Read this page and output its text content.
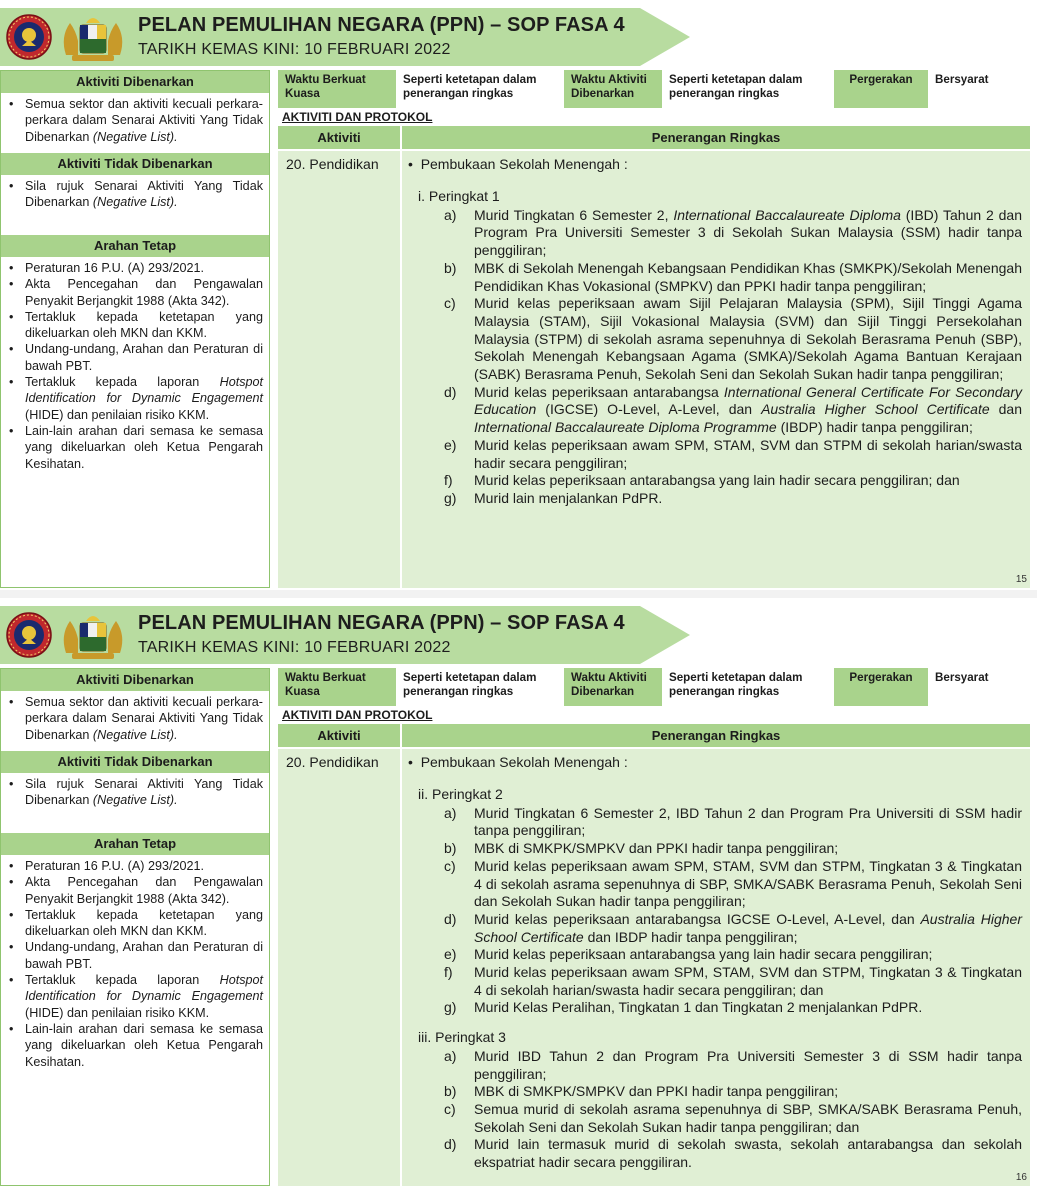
PELAN PEMULIHAN NEGARA (PPN) – SOP FASA 4
TARIKH KEMAS KINI: 10 FEBRUARI 2022
Aktiviti Dibenarkan
• Semua sektor dan aktiviti kecuali perkara-perkara dalam Senarai Aktiviti Yang Tidak Dibenarkan (Negative List).
Aktiviti Tidak Dibenarkan
• Sila rujuk Senarai Aktiviti Yang Tidak Dibenarkan (Negative List).
Arahan Tetap
• Peraturan 16 P.U. (A) 293/2021.
• Akta Pencegahan dan Pengawalan Penyakit Berjangkit 1988 (Akta 342).
• Tertakluk kepada ketetapan yang dikeluarkan oleh MKN dan KKM.
• Undang-undang, Arahan dan Peraturan di bawah PBT.
• Tertakluk kepada laporan Hotspot Identification for Dynamic Engagement (HIDE) dan penilaian risiko KKM.
• Lain-lain arahan dari semasa ke semasa yang dikeluarkan oleh Ketua Pengarah Kesihatan.
Waktu Berkuat Kuasa
Seperti ketetapan dalam penerangan ringkas
Waktu Aktiviti Dibenarkan
Seperti ketetapan dalam penerangan ringkas
Pergerakan	Bersyarat
AKTIVITI DAN PROTOKOL
Aktiviti	Penerangan Ringkas
20. Pendidikan •  Pembukaan Sekolah Menengah :
i. Peringkat 1
a) Murid Tingkatan 6 Semester 2, International Baccalaureate Diploma (IBD) Tahun 2 dan Program Pra Universiti Semester 3 di Sekolah Sukan Malaysia (SSM) hadir tanpa penggiliran;
b) MBK di Sekolah Menengah Kebangsaan Pendidikan Khas (SMKPK)/Sekolah Menengah Pendidikan Khas Vokasional (SMPKV) dan PPKI hadir tanpa penggiliran;
c) Murid kelas peperiksaan awam Sijil Pelajaran Malaysia (SPM), Sijil Tinggi Agama Malaysia (STAM), Sijil Vokasional Malaysia (SVM) dan Sijil Tinggi Persekolahan Malaysia (STPM) di sekolah asrama sepenuhnya di Sekolah Berasrama Penuh (SBP), Sekolah Menengah Kebangsaan Agama (SMKA)/Sekolah Agama Bantuan Kerajaan (SABK) Berasrama Penuh, Sekolah Seni dan Sekolah Sukan hadir tanpa penggiliran;
d) Murid kelas peperiksaan antarabangsa International General Certificate For Secondary Education (IGCSE) O-Level, A-Level, dan Australia Higher School Certificate dan International Baccalaureate Diploma Programme (IBDP) hadir tanpa penggiliran;
e) Murid kelas peperiksaan awam SPM, STAM, SVM dan STPM di sekolah harian/swasta hadir secara penggiliran;
f) Murid kelas peperiksaan antarabangsa yang lain hadir secara penggiliran; dan
g) Murid lain menjalankan PdPR.
15
PELAN PEMULIHAN NEGARA (PPN) – SOP FASA 4
TARIKH KEMAS KINI: 10 FEBRUARI 2022
Aktiviti Dibenarkan
• Semua sektor dan aktiviti kecuali perkara-perkara dalam Senarai Aktiviti Yang Tidak Dibenarkan (Negative List).
Aktiviti Tidak Dibenarkan
• Sila rujuk Senarai Aktiviti Yang Tidak Dibenarkan (Negative List).
Arahan Tetap
• Peraturan 16 P.U. (A) 293/2021.
• Akta Pencegahan dan Pengawalan Penyakit Berjangkit 1988 (Akta 342).
• Tertakluk kepada ketetapan yang dikeluarkan oleh MKN dan KKM.
• Undang-undang, Arahan dan Peraturan di bawah PBT.
• Tertakluk kepada laporan Hotspot Identification for Dynamic Engagement (HIDE) dan penilaian risiko KKM.
• Lain-lain arahan dari semasa ke semasa yang dikeluarkan oleh Ketua Pengarah Kesihatan.
Waktu Berkuat Kuasa
Seperti ketetapan dalam penerangan ringkas
Waktu Aktiviti Dibenarkan
Seperti ketetapan dalam penerangan ringkas
Pergerakan	Bersyarat
AKTIVITI DAN PROTOKOL
Aktiviti	Penerangan Ringkas
20. Pendidikan •  Pembukaan Sekolah Menengah :
ii. Peringkat 2
a) Murid Tingkatan 6 Semester 2, IBD Tahun 2 dan Program Pra Universiti di SSM hadir tanpa penggiliran;
b) MBK di SMKPK/SMPKV dan PPKI hadir tanpa penggiliran;
c) Murid kelas peperiksaan awam SPM, STAM, SVM dan STPM, Tingkatan 3 & Tingkatan 4 di sekolah asrama sepenuhnya di SBP, SMKA/SABK Berasrama Penuh, Sekolah Seni dan Sekolah Sukan hadir tanpa penggiliran;
d) Murid kelas peperiksaan antarabangsa IGCSE O-Level, A-Level, dan Australia Higher School Certificate dan IBDP hadir tanpa penggiliran;
e) Murid kelas peperiksaan antarabangsa yang lain hadir secara penggiliran;
f) Murid kelas peperiksaan awam SPM, STAM, SVM dan STPM, Tingkatan 3 & Tingkatan 4 di sekolah harian/swasta hadir secara penggiliran; dan
g) Murid Kelas Peralihan, Tingkatan 1 dan Tingkatan 2 menjalankan PdPR.
iii. Peringkat 3
a) Murid IBD Tahun 2 dan Program Pra Universiti Semester 3 di SSM hadir tanpa penggiliran;
b) MBK di SMKPK/SMPKV dan PPKI hadir tanpa penggiliran;
c) Semua murid di sekolah asrama sepenuhnya di SBP, SMKA/SABK Berasrama Penuh, Sekolah Seni dan Sekolah Sukan hadir tanpa penggiliran; dan
d) Murid lain termasuk murid di sekolah swasta, sekolah antarabangsa dan sekolah ekspatriat hadir secara penggiliran.
16
